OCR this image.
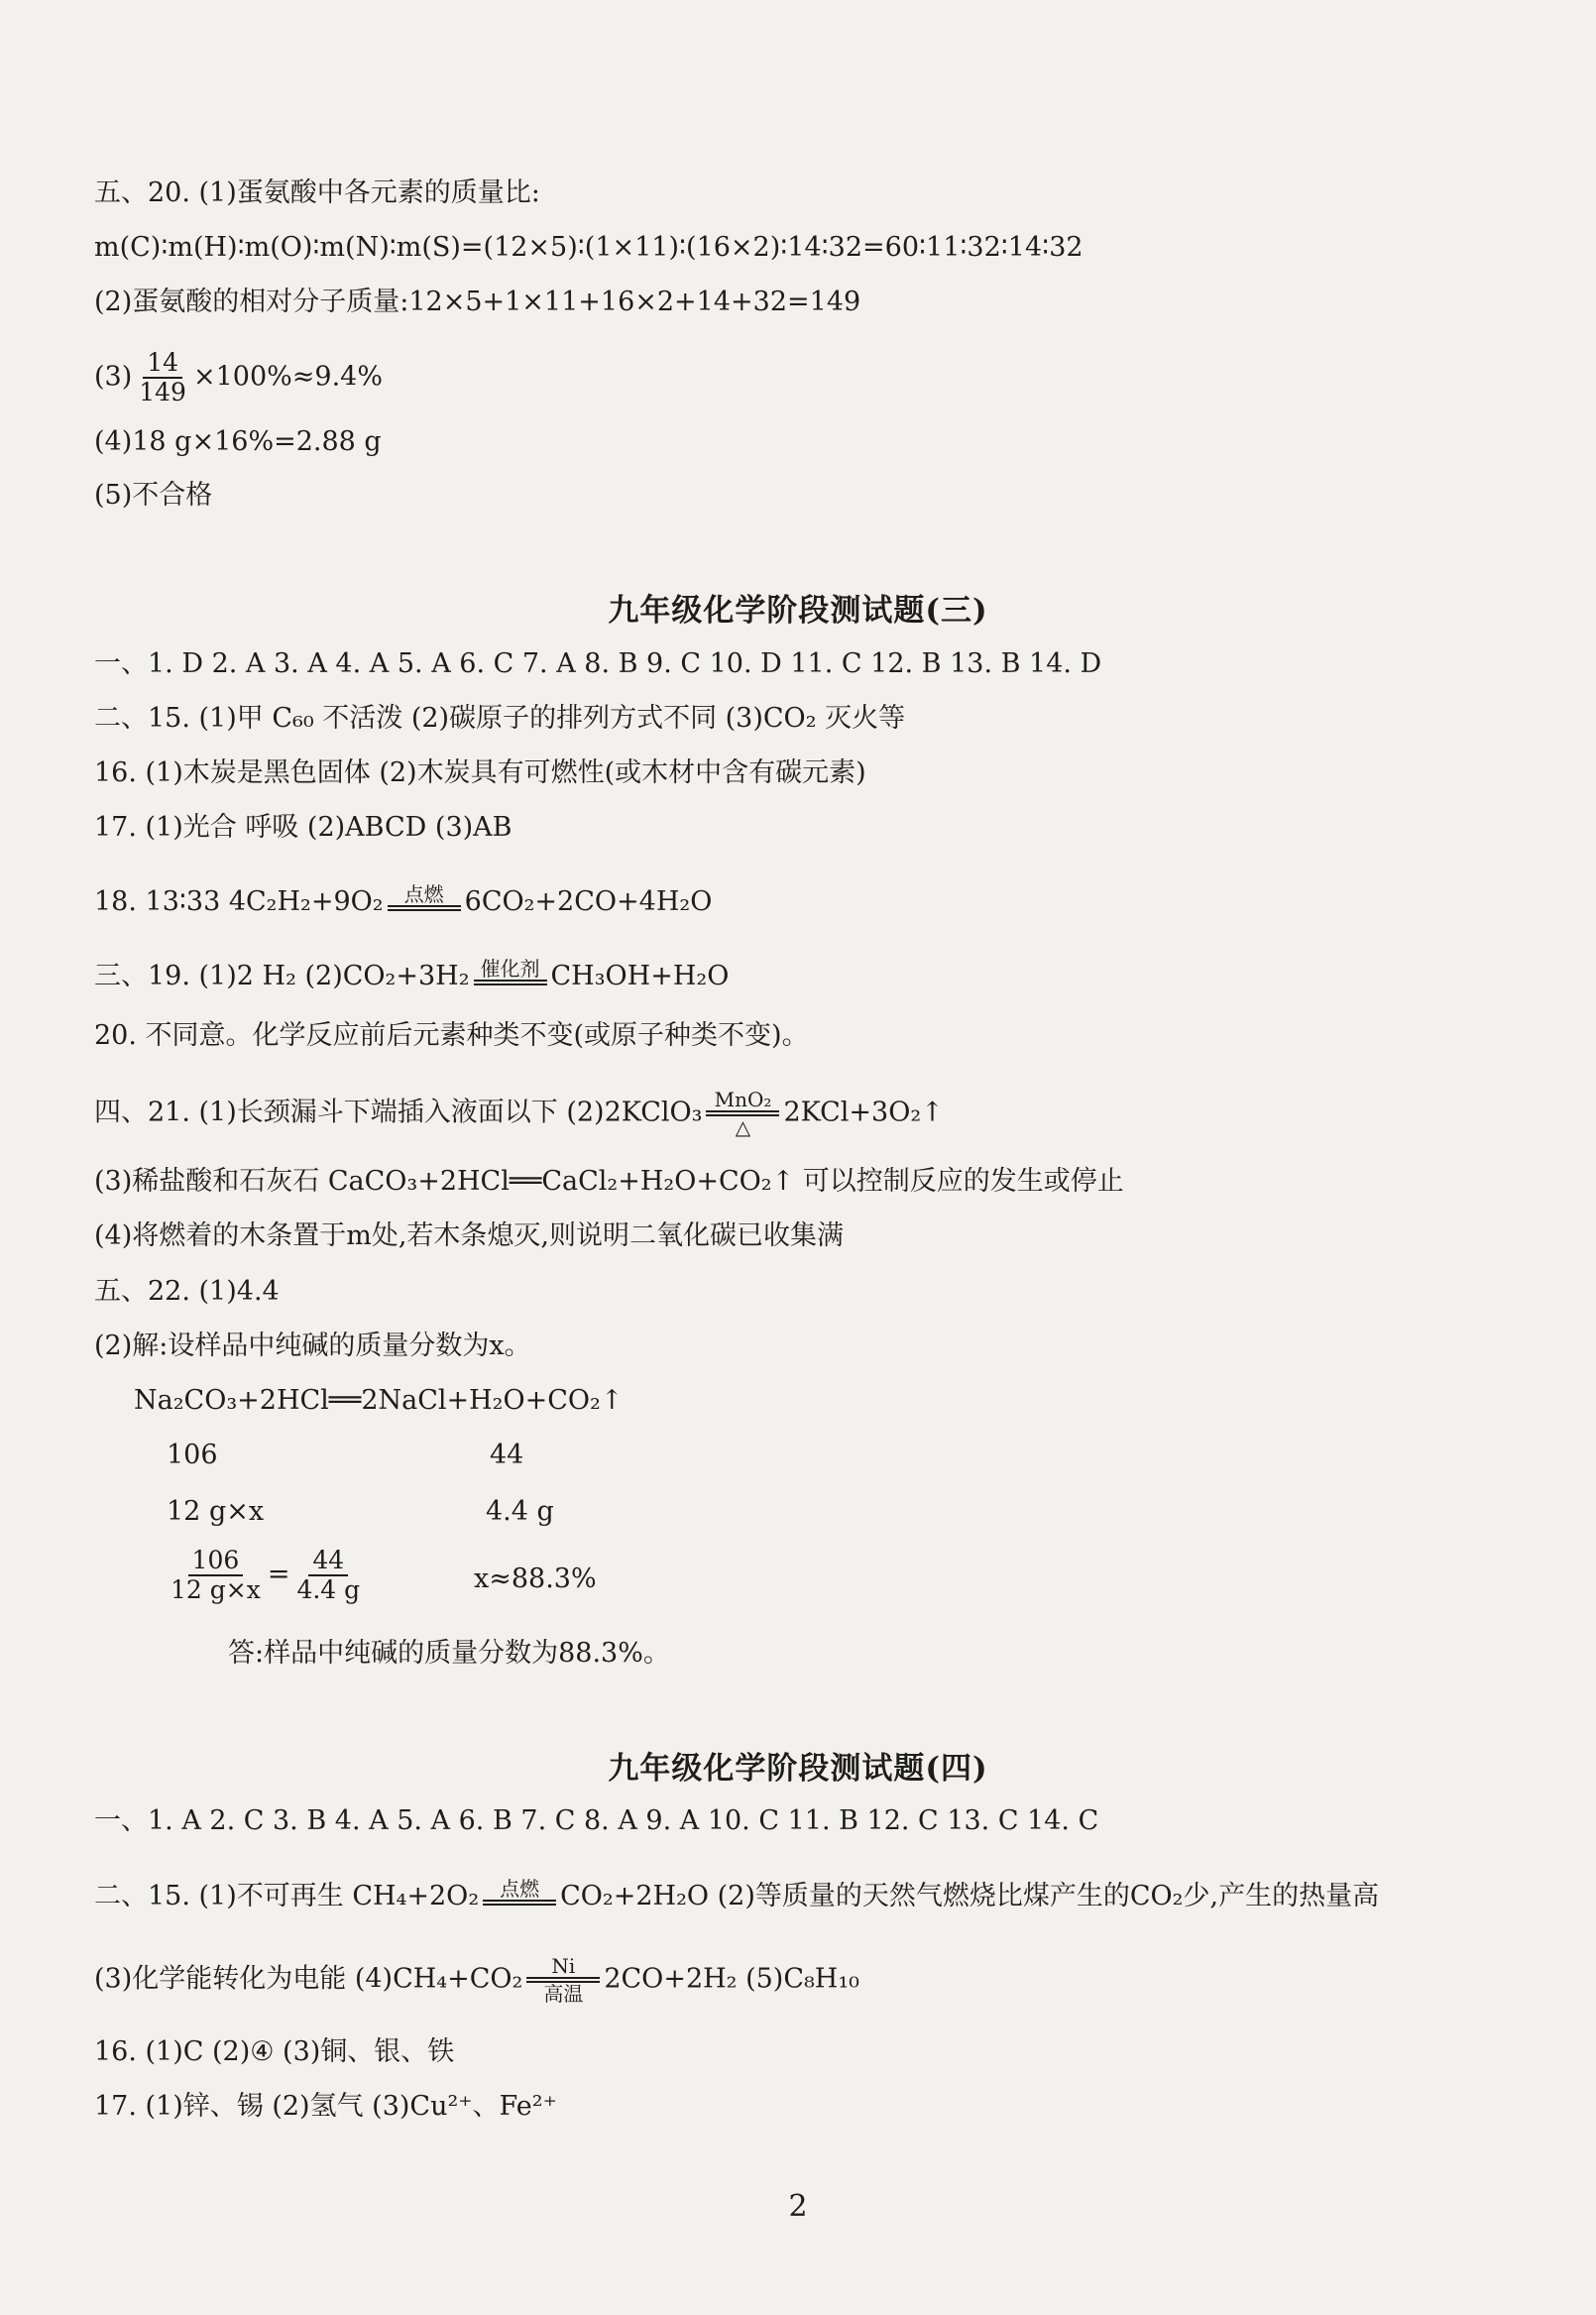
五、20. (1)蛋氨酸中各元素的质量比:
m(C)∶m(H)∶m(O)∶m(N)∶m(S)=(12×5)∶(1×11)∶(16×2)∶14∶32=60∶11∶32∶14∶32
(2)蛋氨酸的相对分子质量:12×5+1×11+16×2+14+32=149
$(3) \frac{14}{149} \times 100\%\approx 9.4\%$
(4)18 g×16%=2.88 g
(5)不合格
九年级化学阶段测试题(三)
一、1. D 2. A 3. A 4. A 5. A 6. C 7. A 8. B 9. C 10. D 11. C 12. B 13. B 14. D
二、15. (1)甲 C₆₀ 不活泼 (2)碳原子的排列方式不同 (3)CO₂ 灭火等
16. (1)木炭是黑色固体 (2)木炭具有可燃性(或木材中含有碳元素)
17. (1)光合 呼吸 (2)ABCD (3)AB
18. 13∶33 4C₂H₂+9O₂ 点燃 6CO₂+2CO+4H₂O
三、19. (1)2 H₂ (2)CO₂+3H₂ 催化剂 CH₃OH+H₂O
20. 不同意。化学反应前后元素种类不变(或原子种类不变)。
四、21. (1)长颈漏斗下端插入液面以下 (2)2KClO₃ MnO₂
△ 2KCl+3O₂↑
(3)稀盐酸和石灰石 CaCO₃+2HCl══CaCl₂+H₂O+CO₂↑ 可以控制反应的发生或停止
(4)将燃着的木条置于m处,若木条熄灭,则说明二氧化碳已收集满
五、22. (1)4.4
(2)解:设样品中纯碱的质量分数为x。
Na₂CO₃+2HCl══2NaCl+H₂O+CO₂↑
106	44
12 g×x	4.4 g
$\frac{106}{12 g\times x} = \frac{44}{4.4 g}$	x≈88.3%
答:样品中纯碱的质量分数为88.3%。
九年级化学阶段测试题(四)
一、1. A 2. C 3. B 4. A 5. A 6. B 7. C 8. A 9. A 10. C 11. B 12. C 13. C 14. C
二、15. (1)不可再生 CH₄+2O₂ 点燃 CO₂+2H₂O (2)等质量的天然气燃烧比煤产生的CO₂少,产生的热量高
(3)化学能转化为电能 (4)CH₄+CO₂ Ni
高温 2CO+2H₂ (5)C₈H₁₀
16. (1)C (2)④ (3)铜、银、铁
17. (1)锌、锡 (2)氢气 (3)Cu²⁺、Fe²⁺
2
